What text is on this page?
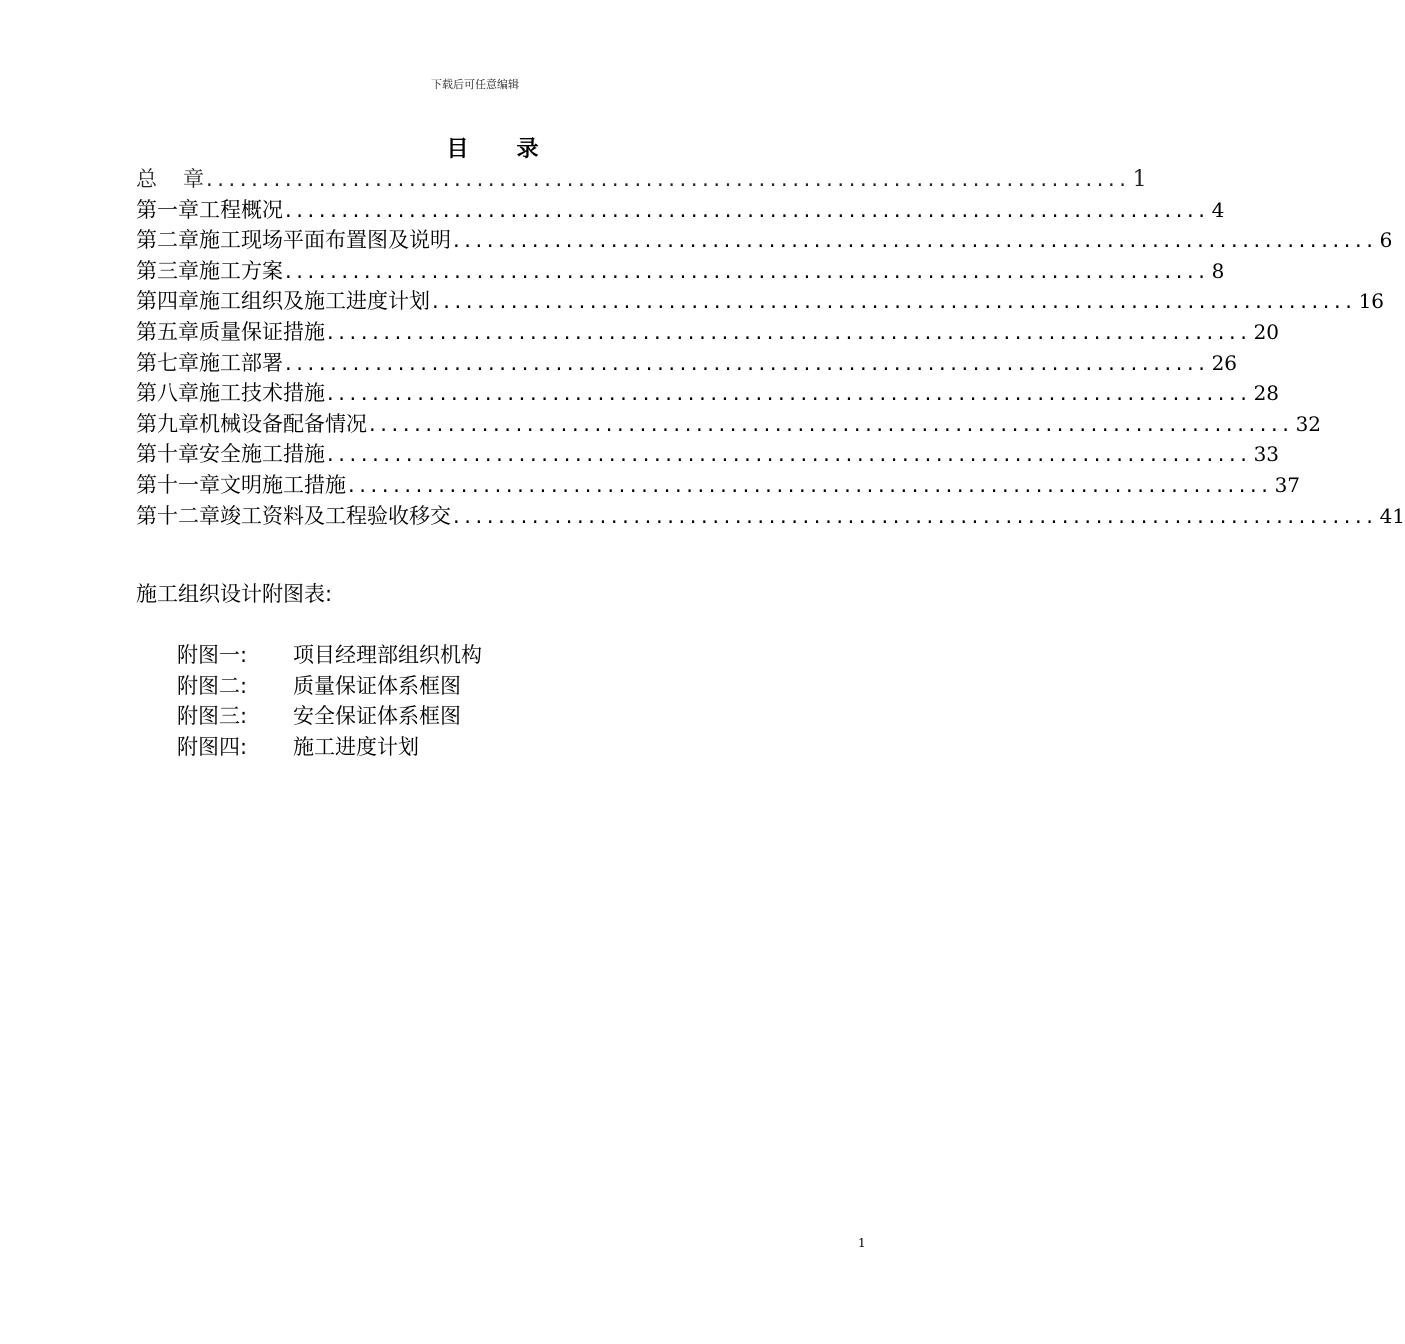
下载后可任意编辑
目 录
总 章 .................................................................................. 1
第一章 工程概况 .................................................................................. 4
第二章 施工现场平面布置图及说明 .................................................................................. 6
第三章 施工方案 .................................................................................. 8
第四章 施工组织及施工进度计划 .................................................................................. 16
第五章 质量保证措施 .................................................................................. 20
第七章 施工部署 .................................................................................. 26
第八章 施工技术措施 .................................................................................. 28
第九章 机械设备配备情况 .................................................................................. 32
第十章 安全施工措施 .................................................................................. 33
第十一章 文明施工措施 .................................................................................. 37
第十二章 竣工资料及工程验收移交 .................................................................................. 41
施工组织设计附图表:
附图一: 项目经理部组织机构
附图二: 质量保证体系框图
附图三: 安全保证体系框图
附图四: 施工进度计划
1
